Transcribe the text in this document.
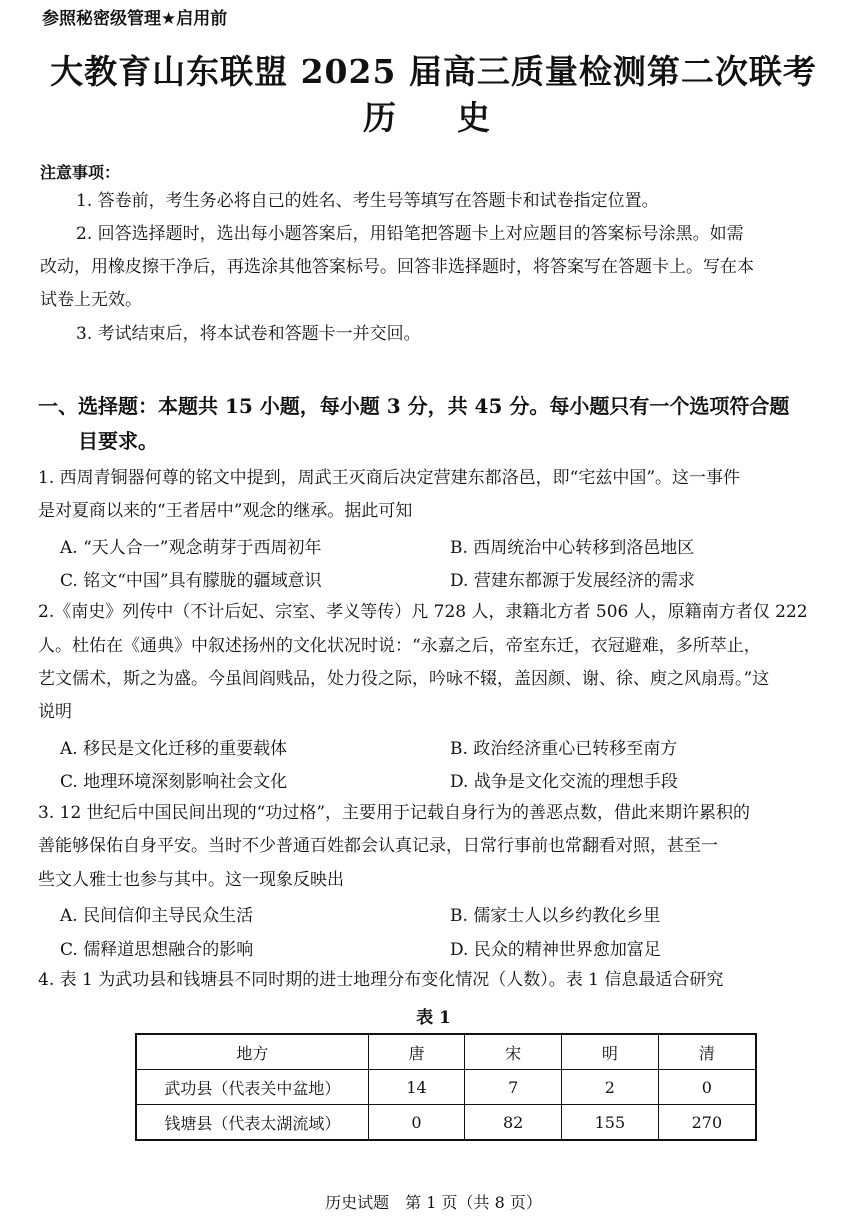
参照秘密级管理★启用前
大教育山东联盟 2025 届高三质量检测第二次联考
历　史
注意事项：
1. 答卷前，考生务必将自己的姓名、考生号等填写在答题卡和试卷指定位置。
2. 回答选择题时，选出每小题答案后，用铅笔把答题卡上对应题目的答案标号涂黑。如需
改动，用橡皮擦干净后，再选涂其他答案标号。回答非选择题时，将答案写在答题卡上。写在本
试卷上无效。
3. 考试结束后，将本试卷和答题卡一并交回。
一、选择题：本题共 15 小题，每小题 3 分，共 45 分。每小题只有一个选项符合题
目要求。
1. 西周青铜器何尊的铭文中提到，周武王灭商后决定营建东都洛邑，即“宅兹中国”。这一事件
是对夏商以来的“王者居中”观念的继承。据此可知
A. “天人合一”观念萌芽于西周初年	B. 西周统治中心转移到洛邑地区
C. 铭文“中国”具有朦胧的疆域意识	D. 营建东都源于发展经济的需求
2.《南史》列传中（不计后妃、宗室、孝义等传）凡 728 人，隶籍北方者 506 人，原籍南方者仅 222
人。杜佑在《通典》中叙述扬州的文化状况时说：“永嘉之后，帝室东迁，衣冠避难，多所萃止，
艺文儒术，斯之为盛。今虽闾阎贱品，处力役之际，吟咏不辍，盖因颜、谢、徐、庾之风扇焉。”这
说明
A. 移民是文化迁移的重要载体	B. 政治经济重心已转移至南方
C. 地理环境深刻影响社会文化	D. 战争是文化交流的理想手段
3. 12 世纪后中国民间出现的“功过格”，主要用于记载自身行为的善恶点数，借此来期许累积的
善能够保佑自身平安。当时不少普通百姓都会认真记录，日常行事前也常翻看对照，甚至一
些文人雅士也参与其中。这一现象反映出
A. 民间信仰主导民众生活	B. 儒家士人以乡约教化乡里
C. 儒释道思想融合的影响	D. 民众的精神世界愈加富足
4. 表 1 为武功县和钱塘县不同时期的进士地理分布变化情况（人数）。表 1 信息最适合研究
表 1
地方	唐	宋	明	清
武功县（代表关中盆地）	14	7	2	0
钱塘县（代表太湖流域）	0	82	155	270
历史试题　第 1 页（共 8 页）
